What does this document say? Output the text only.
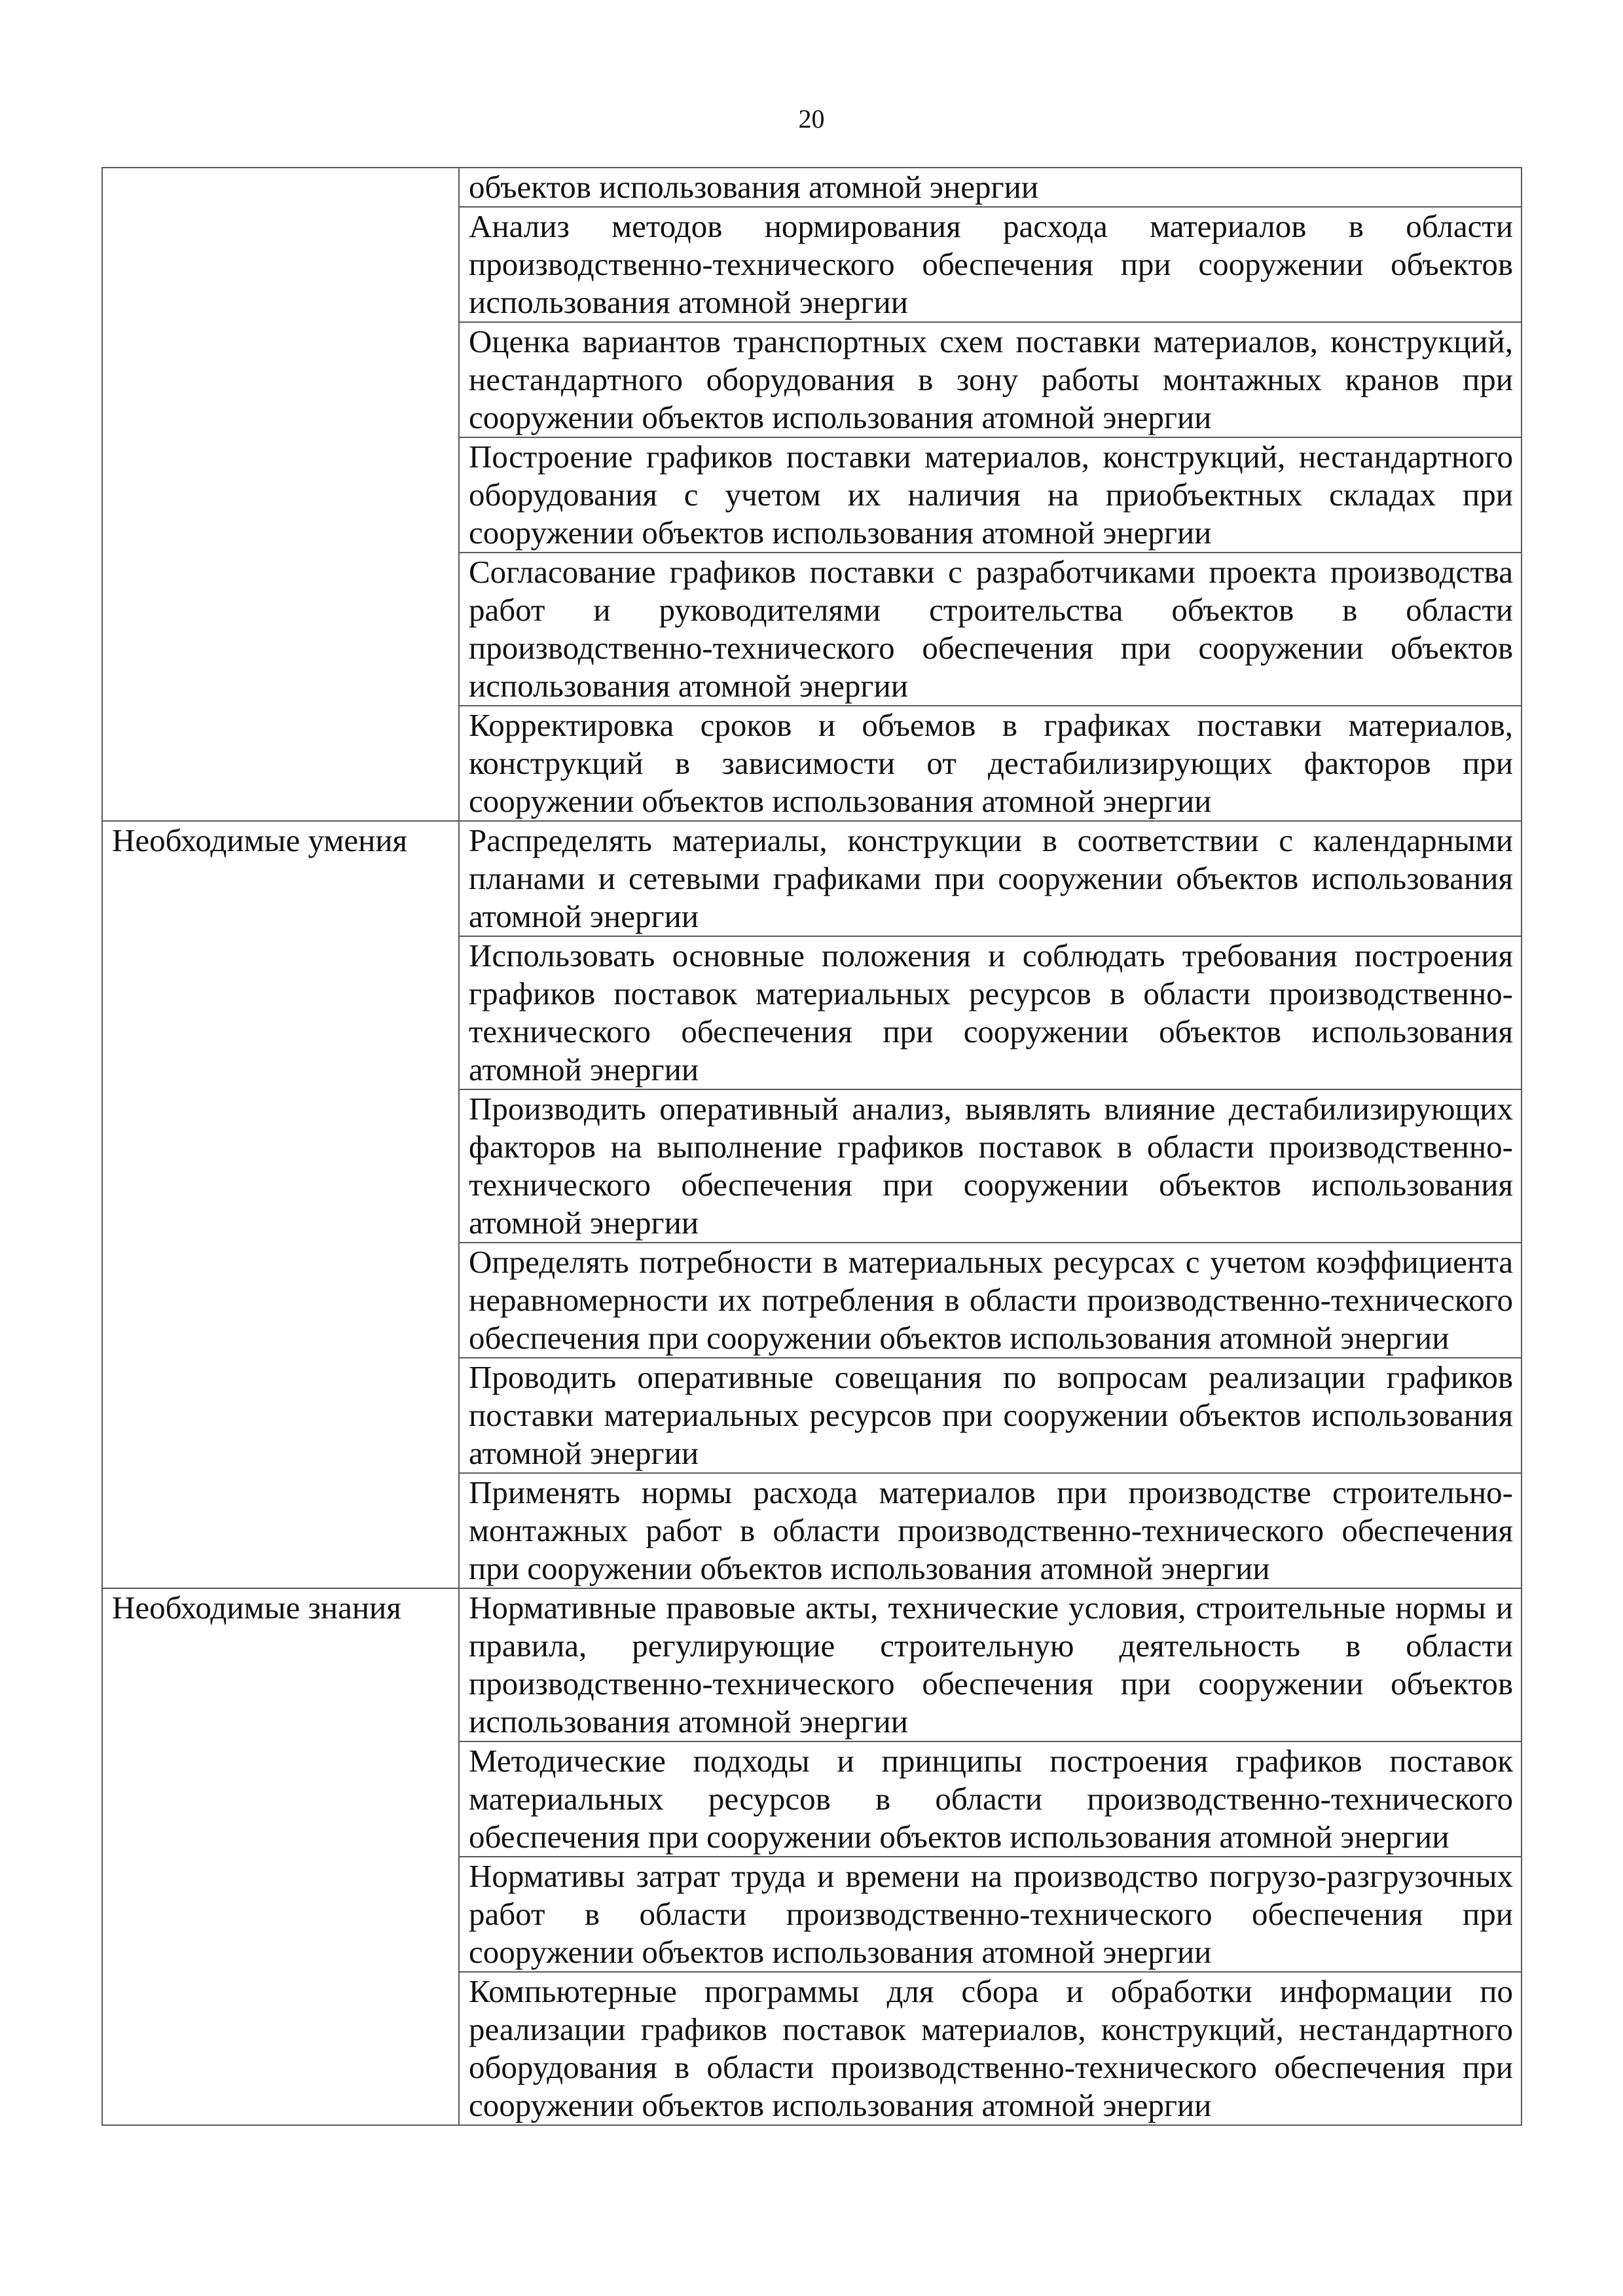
20
	объектов использования атомной энергии
	Анализ методов нормирования расхода материалов в области производственно-технического обеспечения при сооружении объектов использования атомной энергии
	Оценка вариантов транспортных схем поставки материалов, конструкций, нестандартного оборудования в зону работы монтажных кранов при сооружении объектов использования атомной энергии
	Построение графиков поставки материалов, конструкций, нестандартного оборудования с учетом их наличия на приобъектных складах при сооружении объектов использования атомной энергии
	Согласование графиков поставки с разработчиками проекта производства работ и руководителями строительства объектов в области производственно-технического обеспечения при сооружении объектов использования атомной энергии
	Корректировка сроков и объемов в графиках поставки материалов, конструкций в зависимости от дестабилизирующих факторов при сооружении объектов использования атомной энергии
Необходимые умения	Распределять материалы, конструкции в соответствии с календарными планами и сетевыми графиками при сооружении объектов использования атомной энергии
	Использовать основные положения и соблюдать требования построения графиков поставок материальных ресурсов в области производственно-технического обеспечения при сооружении объектов использования атомной энергии
	Производить оперативный анализ, выявлять влияние дестабилизирующих факторов на выполнение графиков поставок в области производственно-технического обеспечения при сооружении объектов использования атомной энергии
	Определять потребности в материальных ресурсах с учетом коэффициента неравномерности их потребления в области производственно-технического обеспечения при сооружении объектов использования атомной энергии
	Проводить оперативные совещания по вопросам реализации графиков поставки материальных ресурсов при сооружении объектов использования атомной энергии
	Применять нормы расхода материалов при производстве строительно-монтажных работ в области производственно-технического обеспечения при сооружении объектов использования атомной энергии
Необходимые знания	Нормативные правовые акты, технические условия, строительные нормы и правила, регулирующие строительную деятельность в области производственно-технического обеспечения при сооружении объектов использования атомной энергии
	Методические подходы и принципы построения графиков поставок материальных ресурсов в области производственно-технического обеспечения при сооружении объектов использования атомной энергии
	Нормативы затрат труда и времени на производство погрузо-разгрузочных работ в области производственно-технического обеспечения при сооружении объектов использования атомной энергии
	Компьютерные программы для сбора и обработки информации по реализации графиков поставок материалов, конструкций, нестандартного оборудования в области производственно-технического обеспечения при сооружении объектов использования атомной энергии
